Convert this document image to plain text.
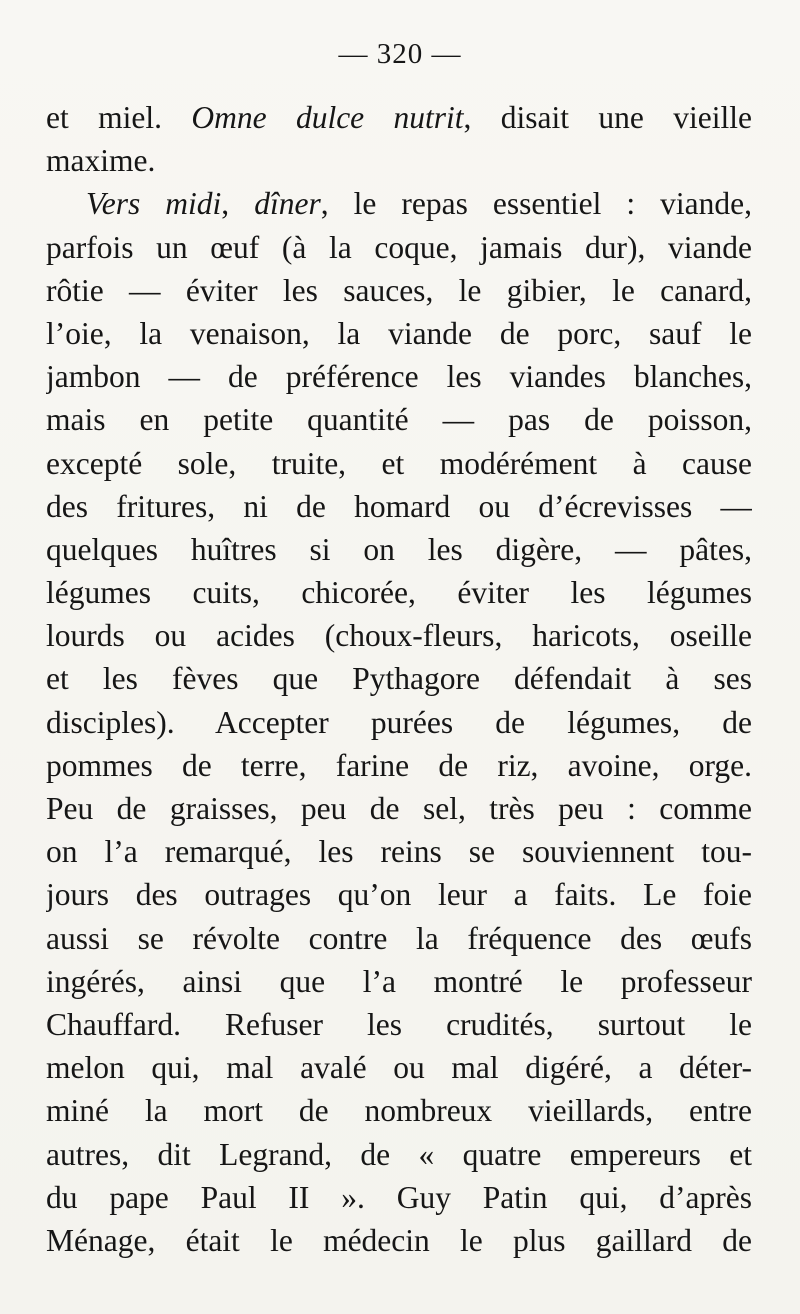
— 320 —
et miel. Omne dulce nutrit, disait une vieille
maxime.
Vers midi, dîner, le repas essentiel : viande,
parfois un œuf (à la coque, jamais dur), viande
rôtie — éviter les sauces, le gibier, le canard,
l’oie, la venaison, la viande de porc, sauf le
jambon — de préférence les viandes blanches,
mais en petite quantité — pas de poisson,
excepté sole, truite, et modérément à cause
des fritures, ni de homard ou d’écrevisses —
quelques huîtres si on les digère, — pâtes,
légumes cuits, chicorée, éviter les légumes
lourds ou acides (choux-fleurs, haricots, oseille
et les fèves que Pythagore défendait à ses
disciples). Accepter purées de légumes, de
pommes de terre, farine de riz, avoine, orge.
Peu de graisses, peu de sel, très peu : comme
on l’a remarqué, les reins se souviennent tou-
jours des outrages qu’on leur a faits. Le foie
aussi se révolte contre la fréquence des œufs
ingérés, ainsi que l’a montré le professeur
Chauffard. Refuser les crudités, surtout le
melon qui, mal avalé ou mal digéré, a déter-
miné la mort de nombreux vieillards, entre
autres, dit Legrand, de « quatre empereurs et
du pape Paul II ». Guy Patin qui, d’après
Ménage, était le médecin le plus gaillard de
